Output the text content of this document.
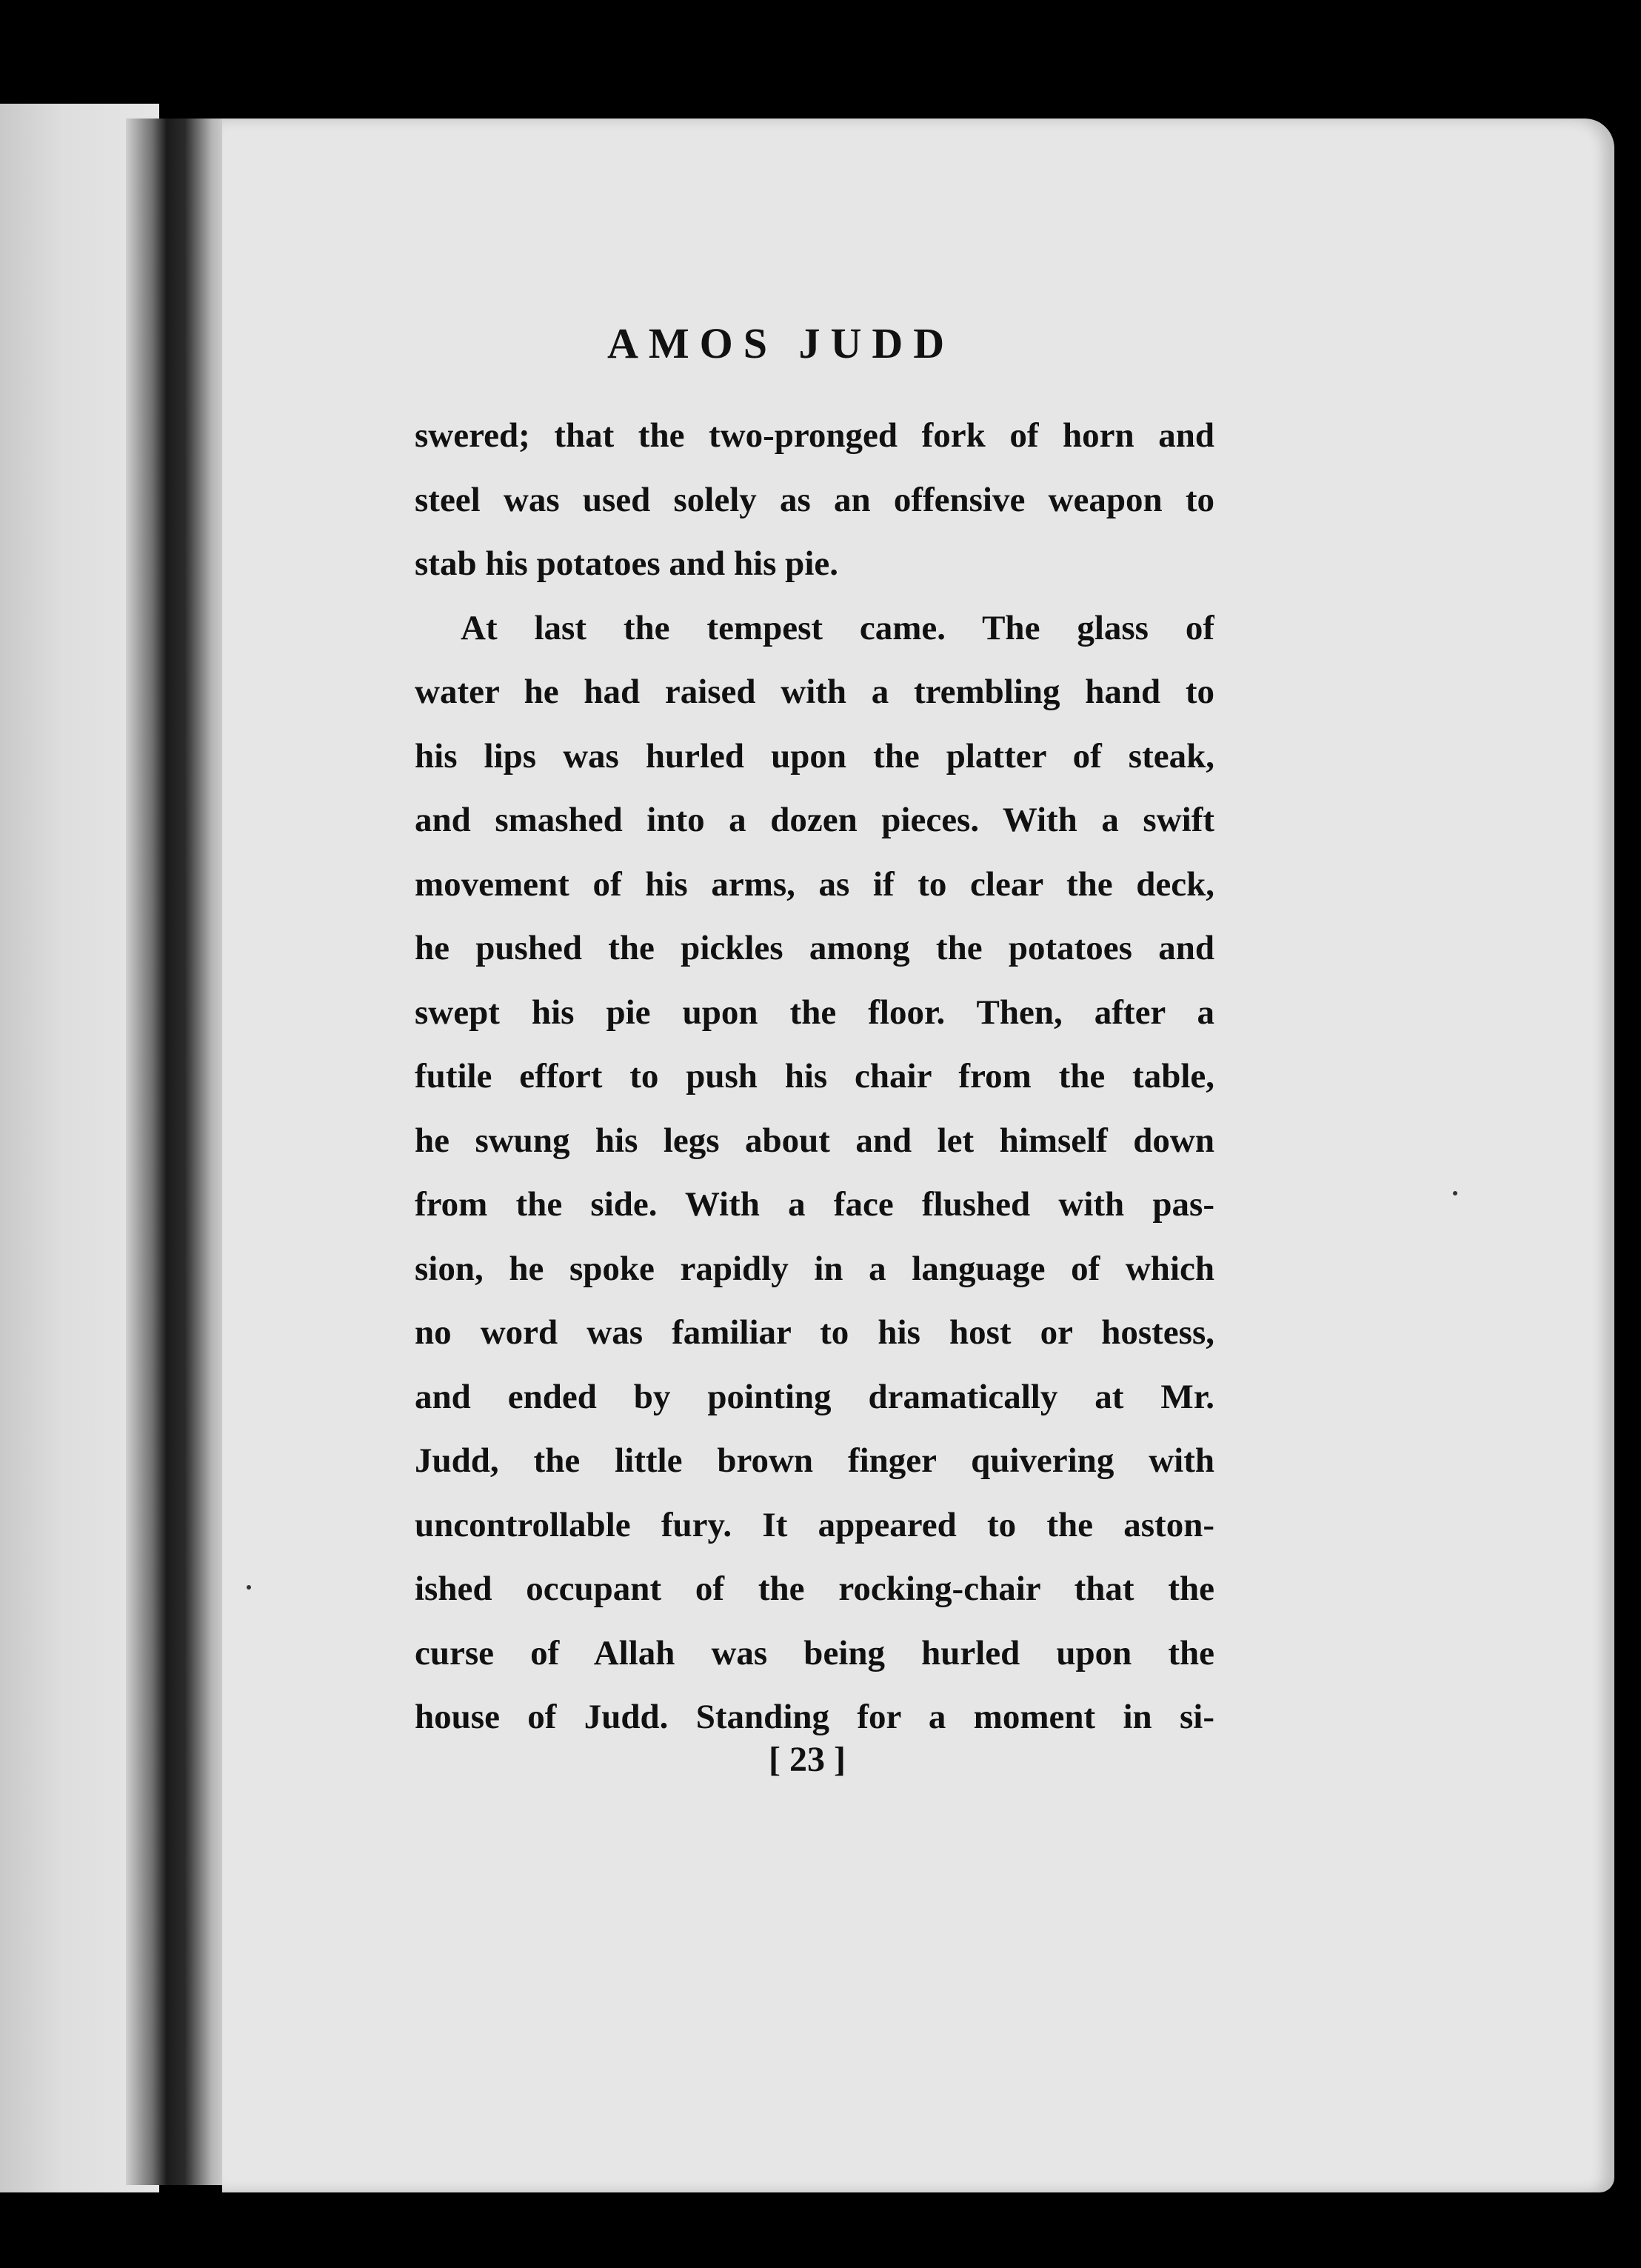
AMOS JUDD
swered; that the two-pronged fork of horn and
steel was used solely as an offensive weapon to
stab his potatoes and his pie.
At last the tempest came. The glass of
water he had raised with a trembling hand to
his lips was hurled upon the platter of steak,
and smashed into a dozen pieces. With a swift
movement of his arms, as if to clear the deck,
he pushed the pickles among the potatoes and
swept his pie upon the floor. Then, after a
futile effort to push his chair from the table,
he swung his legs about and let himself down
from the side. With a face flushed with pas-
sion, he spoke rapidly in a language of which
no word was familiar to his host or hostess,
and ended by pointing dramatically at Mr.
Judd, the little brown finger quivering with
uncontrollable fury. It appeared to the aston-
ished occupant of the rocking-chair that the
curse of Allah was being hurled upon the
house of Judd. Standing for a moment in si-
[ 23 ]
